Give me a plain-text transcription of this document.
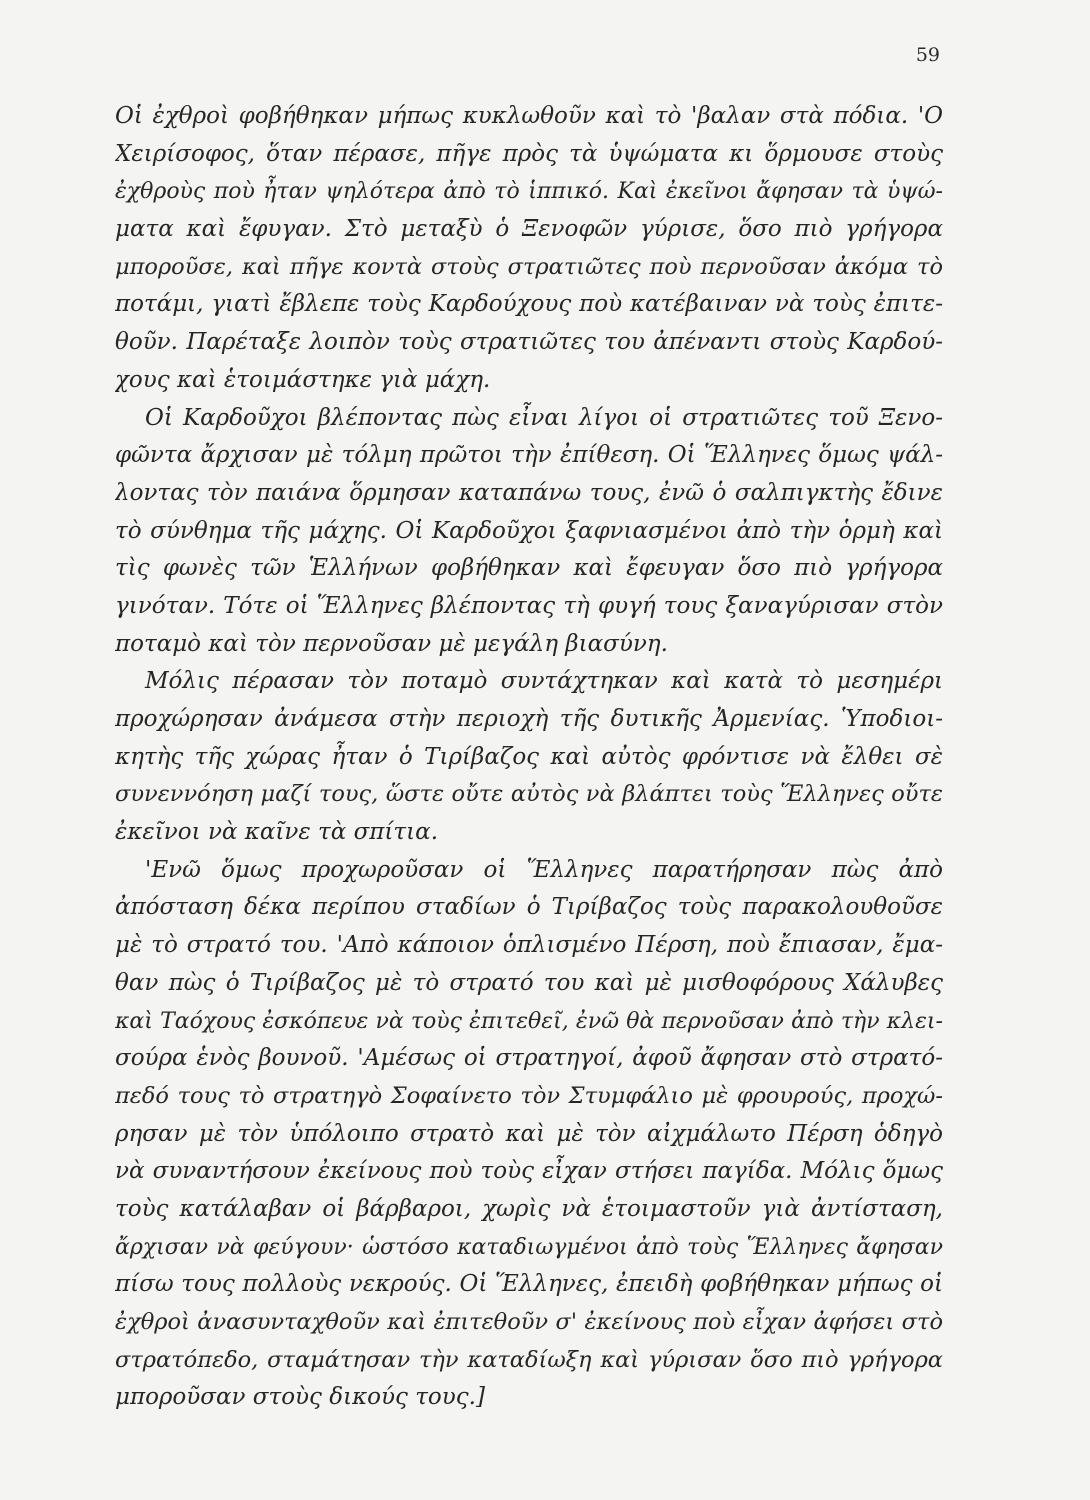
59
Οἱ ἐχθροὶ φοβήθηκαν μήπως κυκλωθοῦν καὶ τὸ 'βαλαν στὰ πόδια. 'Ο
Χειρίσοφος, ὅταν πέρασε, πῆγε πρὸς τὰ ὑψώματα κι ὅρμουσε στοὺς
ἐχθροὺς ποὺ ἦταν ψηλότερα ἀπὸ τὸ ἱππικό. Καὶ ἐκεῖνοι ἄφησαν τὰ ὑψώ-
ματα καὶ ἔφυγαν. Στὸ μεταξὺ ὁ Ξενοφῶν γύρισε, ὅσο πιὸ γρήγορα
μποροῦσε, καὶ πῆγε κοντὰ στοὺς στρατιῶτες ποὺ περνοῦσαν ἀκόμα τὸ
ποτάμι, γιατὶ ἔβλεπε τοὺς Καρδούχους ποὺ κατέβαιναν νὰ τοὺς ἐπιτε-
θοῦν. Παρέταξε λοιπὸν τοὺς στρατιῶτες του ἀπέναντι στοὺς Καρδού-
χους καὶ ἑτοιμάστηκε γιὰ μάχη.
Οἱ Καρδοῦχοι βλέποντας πὼς εἶναι λίγοι οἱ στρατιῶτες τοῦ Ξενο-
φῶντα ἄρχισαν μὲ τόλμη πρῶτοι τὴν ἐπίθεση. Οἱ Ἕλληνες ὅμως ψάλ-
λοντας τὸν παιάνα ὅρμησαν καταπάνω τους, ἐνῶ ὁ σαλπιγκτὴς ἔδινε
τὸ σύνθημα τῆς μάχης. Οἱ Καρδοῦχοι ξαφνιασμένοι ἀπὸ τὴν ὁρμὴ καὶ
τὶς φωνὲς τῶν Ἑλλήνων φοβήθηκαν καὶ ἔφευγαν ὅσο πιὸ γρήγορα
γινόταν. Τότε οἱ Ἕλληνες βλέποντας τὴ φυγή τους ξαναγύρισαν στὸν
ποταμὸ καὶ τὸν περνοῦσαν μὲ μεγάλη βιασύνη.
Μόλις πέρασαν τὸν ποταμὸ συντάχτηκαν καὶ κατὰ τὸ μεσημέρι
προχώρησαν ἀνάμεσα στὴν περιοχὴ τῆς δυτικῆς Ἀρμενίας. Ὑποδιοι-
κητὴς τῆς χώρας ἦταν ὁ Τιρίβαζος καὶ αὐτὸς φρόντισε νὰ ἔλθει σὲ
συνεννόηση μαζί τους, ὥστε οὔτε αὐτὸς νὰ βλάπτει τοὺς Ἕλληνες οὔτε
ἐκεῖνοι νὰ καῖνε τὰ σπίτια.
'Ενῶ ὅμως προχωροῦσαν οἱ Ἕλληνες παρατήρησαν πὼς ἀπὸ
ἀπόσταση δέκα περίπου σταδίων ὁ Τιρίβαζος τοὺς παρακολουθοῦσε
μὲ τὸ στρατό του. 'Απὸ κάποιον ὁπλισμένο Πέρση, ποὺ ἔπιασαν, ἔμα-
θαν πὼς ὁ Τιρίβαζος μὲ τὸ στρατό του καὶ μὲ μισθοφόρους Χάλυβες
καὶ Ταόχους ἐσκόπευε νὰ τοὺς ἐπιτεθεῖ, ἐνῶ θὰ περνοῦσαν ἀπὸ τὴν κλει-
σούρα ἑνὸς βουνοῦ. 'Αμέσως οἱ στρατηγοί, ἀφοῦ ἄφησαν στὸ στρατό-
πεδό τους τὸ στρατηγὸ Σοφαίνετο τὸν Στυμφάλιο μὲ φρουρούς, προχώ-
ρησαν μὲ τὸν ὑπόλοιπο στρατὸ καὶ μὲ τὸν αἰχμάλωτο Πέρση ὁδηγὸ
νὰ συναντήσουν ἐκείνους ποὺ τοὺς εἶχαν στήσει παγίδα. Μόλις ὅμως
τοὺς κατάλαβαν οἱ βάρβαροι, χωρὶς νὰ ἑτοιμαστοῦν γιὰ ἀντίσταση,
ἄρχισαν νὰ φεύγουν· ὡστόσο καταδιωγμένοι ἀπὸ τοὺς Ἕλληνες ἄφησαν
πίσω τους πολλοὺς νεκρούς. Οἱ Ἕλληνες, ἐπειδὴ φοβήθηκαν μήπως οἱ
ἐχθροὶ ἀνασυνταχθοῦν καὶ ἐπιτεθοῦν σ' ἐκείνους ποὺ εἶχαν ἀφήσει στὸ
στρατόπεδο, σταμάτησαν τὴν καταδίωξη καὶ γύρισαν ὅσο πιὸ γρήγορα
μποροῦσαν στοὺς δικούς τους.]
